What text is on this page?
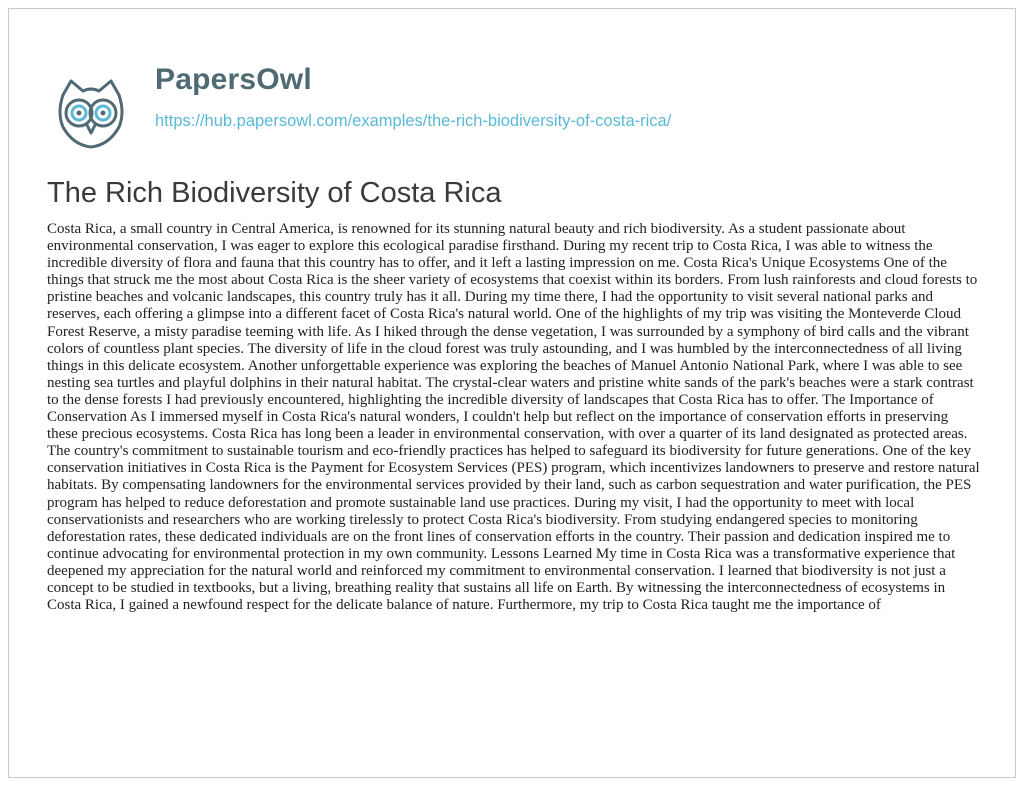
PapersOwl
https://hub.papersowl.com/examples/the-rich-biodiversity-of-costa-rica/
The Rich Biodiversity of Costa Rica

Costa Rica, a small country in Central America, is renowned for its stunning natural beauty and rich biodiversity. As a student passionate about environmental conservation, I was eager to explore this ecological paradise firsthand. During my recent trip to Costa Rica, I was able to witness the incredible diversity of flora and fauna that this country has to offer, and it left a lasting impression on me. Costa Rica's Unique Ecosystems One of the things that struck me the most about Costa Rica is the sheer variety of ecosystems that coexist within its borders. From lush rainforests and cloud forests to pristine beaches and volcanic landscapes, this country truly has it all. During my time there, I had the opportunity to visit several national parks and reserves, each offering a glimpse into a different facet of Costa Rica's natural world. One of the highlights of my trip was visiting the Monteverde Cloud Forest Reserve, a misty paradise teeming with life. As I hiked through the dense vegetation, I was surrounded by a symphony of bird calls and the vibrant colors of countless plant species. The diversity of life in the cloud forest was truly astounding, and I was humbled by the interconnectedness of all living things in this delicate ecosystem. Another unforgettable experience was exploring the beaches of Manuel Antonio National Park, where I was able to see nesting sea turtles and playful dolphins in their natural habitat. The crystal-clear waters and pristine white sands of the park's beaches were a stark contrast to the dense forests I had previously encountered, highlighting the incredible diversity of landscapes that Costa Rica has to offer. The Importance of Conservation As I immersed myself in Costa Rica's natural wonders, I couldn't help but reflect on the importance of conservation efforts in preserving these precious ecosystems. Costa Rica has long been a leader in environmental conservation, with over a quarter of its land designated as protected areas. The country's commitment to sustainable tourism and eco-friendly practices has helped to safeguard its biodiversity for future generations. One of the key conservation initiatives in Costa Rica is the Payment for Ecosystem Services (PES) program, which incentivizes landowners to preserve and restore natural habitats. By compensating landowners for the environmental services provided by their land, such as carbon sequestration and water purification, the PES program has helped to reduce deforestation and promote sustainable land use practices. During my visit, I had the opportunity to meet with local conservationists and researchers who are working tirelessly to protect Costa Rica's biodiversity. From studying endangered species to monitoring deforestation rates, these dedicated individuals are on the front lines of conservation efforts in the country. Their passion and dedication inspired me to continue advocating for environmental protection in my own community. Lessons Learned My time in Costa Rica was a transformative experience that deepened my appreciation for the natural world and reinforced my commitment to environmental conservation. I learned that biodiversity is not just a concept to be studied in textbooks, but a living, breathing reality that sustains all life on Earth. By witnessing the interconnectedness of ecosystems in Costa Rica, I gained a newfound respect for the delicate balance of nature. Furthermore, my trip to Costa Rica taught me the importance of
